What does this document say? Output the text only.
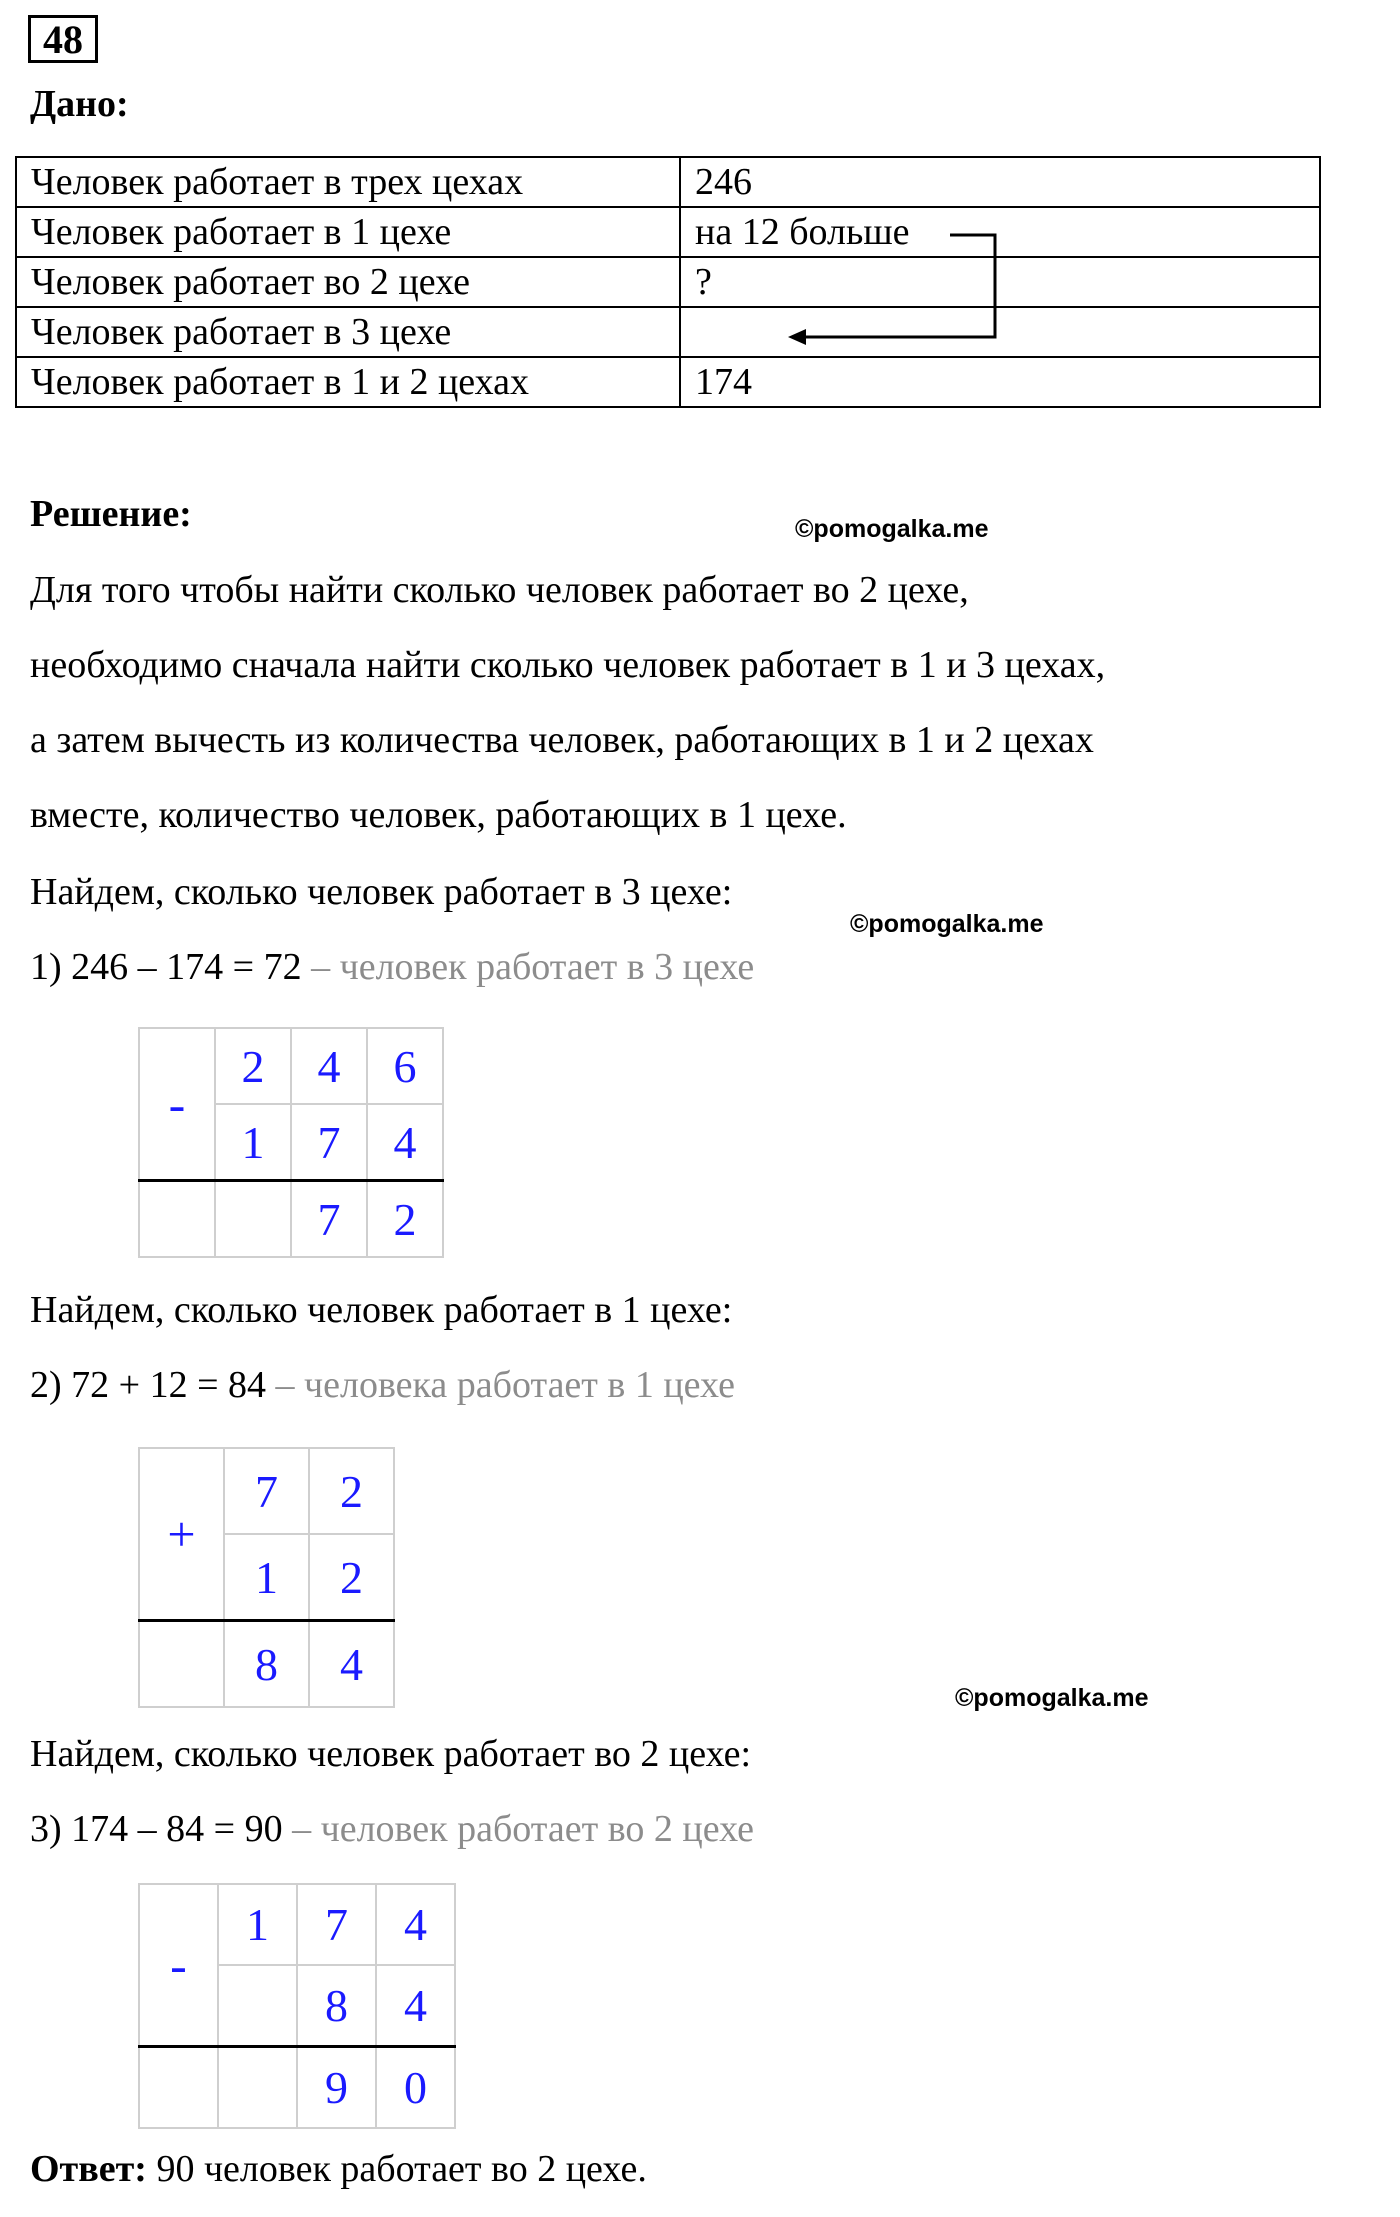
48
Дано:
Человек работает в трех цехах	246
Человек работает в 1 цехе	на 12 больше
Человек работает во 2 цехе	?
Человек работает в 3 цехе	
Человек работает в 1 и 2 цехах	174
Решение:	©pomogalka.me
Для того чтобы найти сколько человек работает во 2 цехе,
необходимо сначала найти сколько человек работает в 1 и 3 цехах,
а затем вычесть из количества человек, работающих в 1 и 2 цехах
вместе, количество человек, работающих в 1 цехе.
Найдем, сколько человек работает в 3 цехе:
©pomogalka.me
1) 246 – 174 = 72 – человек работает в 3 цехе
-	2	4	6
	1	7	4
		7	2
Найдем, сколько человек работает в 1 цехе:
2) 72 + 12 = 84 – человека работает в 1 цехе
+	7	2
	1	2
	8	4
©pomogalka.me
Найдем, сколько человек работает во 2 цехе:
3) 174 – 84 = 90 – человек работает во 2 цехе
-	1	7	4
		8	4
		9	0
Ответ: 90 человек работает во 2 цехе.
